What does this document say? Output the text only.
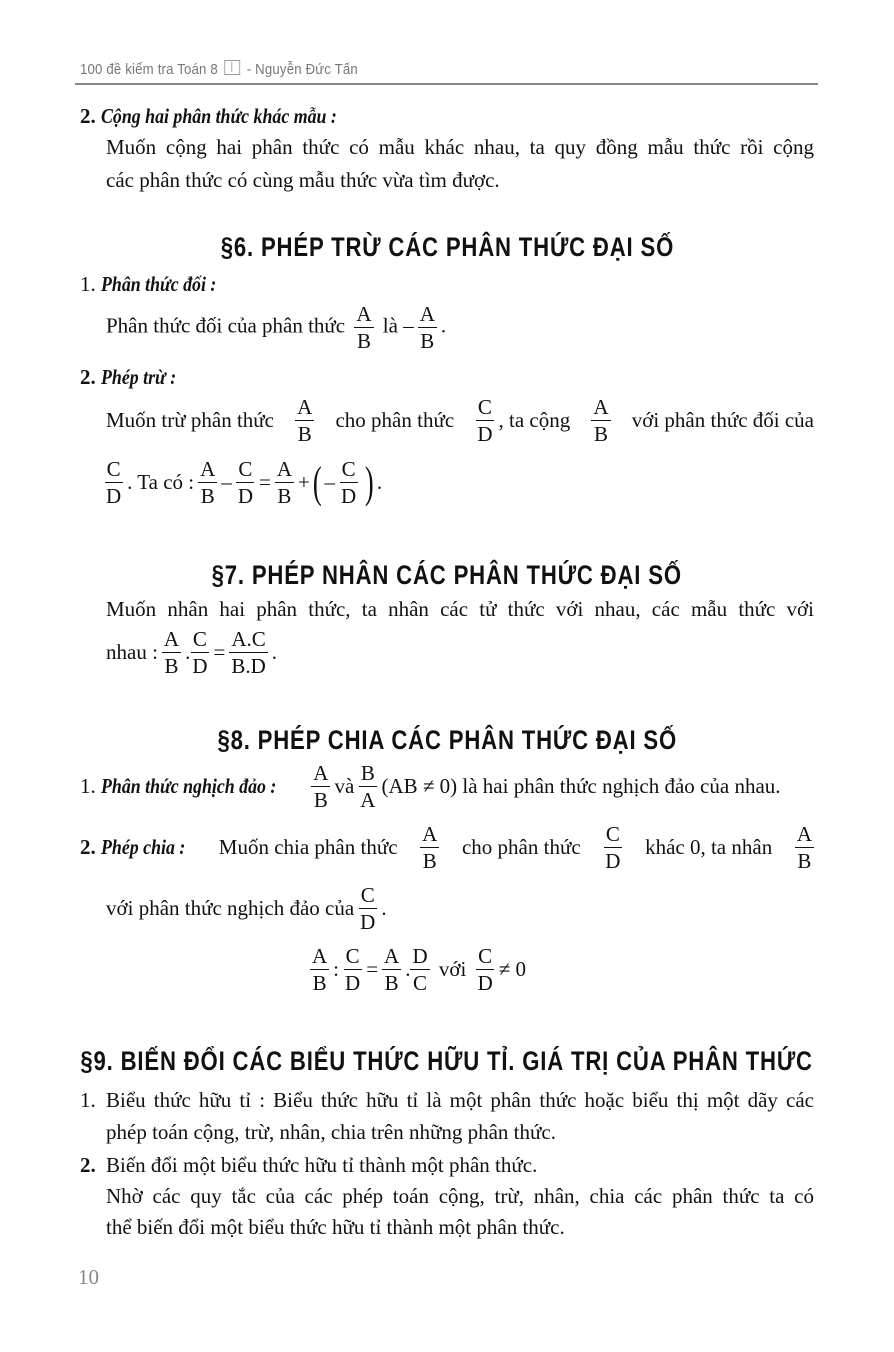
100 đề kiểm tra Toán 8 - Nguyễn Đức Tấn
2. Cộng hai phân thức khác mẫu :
Muốn cộng hai phân thức có mẫu khác nhau, ta quy đồng mẫu thức rồi cộng
các phân thức có cùng mẫu thức vừa tìm được.
§6. PHÉP TRỪ CÁC PHÂN THỨC ĐẠI SỐ
1. Phân thức đối :
Phân thức đối của phân thức $\frac{A}{B}$ là – $\frac{A}{B}$ .
2. Phép trừ :
Muốn trừ phân thức $\frac{A}{B}$ cho phân thức $\frac{C}{D}$ , ta cộng $\frac{A}{B}$ với phân thức đối của
$\frac{C}{D}$ . Ta có : $\frac{A}{B} - \frac{C}{D} = \frac{A}{B}$ + ( – $\frac{C}{D}$ ) .
§7. PHÉP NHÂN CÁC PHÂN THỨC ĐẠI SỐ
Muốn nhân hai phân thức, ta nhân các tử thức với nhau, các mẫu thức với
nhau : $\frac{A}{B}$ . $\frac{C}{D} = \frac{A.C}{B.D}$ .
§8. PHÉP CHIA CÁC PHÂN THỨC ĐẠI SỐ
1.
Phân thức nghịch đảo : $\frac{A}{B}$ và $\frac{B}{A} (AB \ne 0)$ là hai phân thức nghịch đảo của nhau.
2. Phép chia :	Muốn chia phân thức $\frac{A}{B}$ cho phân thức $\frac{C}{D}$ khác 0, ta nhân $\frac{A}{B}$
với phân thức nghịch đảo của $\frac{C}{D}$ .
$\frac{A}{B}$ : $\frac{C}{D} = \frac{A}{B}$ . $\frac{D}{C}$
với
$\frac{C}{D} \ne 0$
§9. BIẾN ĐỔI CÁC BIỂU THỨC HỮU TỈ. GIÁ TRỊ CỦA PHÂN THỨC
1. Biểu thức hữu tỉ : Biểu thức hữu tỉ là một phân thức hoặc biểu thị một dãy các
phép toán cộng, trừ, nhân, chia trên những phân thức.
2. Biến đổi một biểu thức hữu tỉ thành một phân thức.
Nhờ các quy tắc của các phép toán cộng, trừ, nhân, chia các phân thức ta có
thể biến đổi một biểu thức hữu tỉ thành một phân thức.
10
